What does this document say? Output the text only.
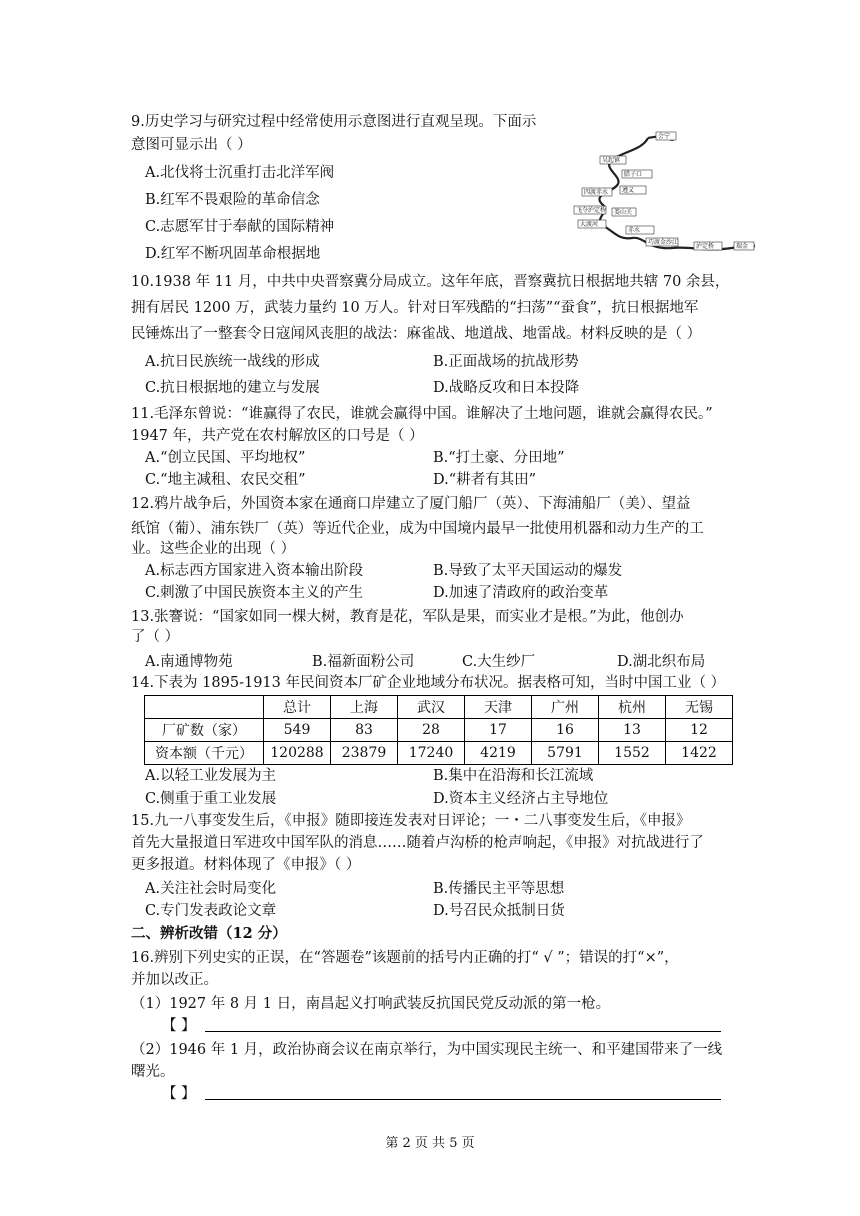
9.历史学习与研究过程中经常使用示意图进行直观呈现。下面示
意图可显示出（ ）
A.北伐将士沉重打击北洋军阀
B.红军不畏艰险的革命信念
C.志愿军甘于奉献的国际精神
D.红军不断巩固革命根据地
会宁
吴起镇
腊子口
四渡赤水 遵义
飞夺泸定桥 娄山关
大渡河
赤水
巧渡金沙江
泸定桥	瑞金
10.1938 年 11 月，中共中央晋察冀分局成立。这年年底，晋察冀抗日根据地共辖 70 余县，
拥有居民 1200 万，武装力量约 10 万人。针对日军残酷的“扫荡”“蚕食”，抗日根据地军
民锤炼出了一整套令日寇闻风丧胆的战法：麻雀战、地道战、地雷战。材料反映的是（ ）
A.抗日民族统一战线的形成	B.正面战场的抗战形势
C.抗日根据地的建立与发展	D.战略反攻和日本投降
11.毛泽东曾说：“谁赢得了农民，谁就会赢得中国。谁解决了土地问题，谁就会赢得农民。”
1947 年，共产党在农村解放区的口号是（ ）
A.“创立民国、平均地权”	B.“打土豪、分田地”
C.“地主减租、农民交租”	D.“耕者有其田”
12.鸦片战争后，外国资本家在通商口岸建立了厦门船厂（英）、下海浦船厂（美）、望益
纸馆（葡）、浦东铁厂（英）等近代企业，成为中国境内最早一批使用机器和动力生产的工
业。这些企业的出现（ ）
A.标志西方国家进入资本输出阶段	B.导致了太平天国运动的爆发
C.刺激了中国民族资本主义的产生	D.加速了清政府的政治变革
13.张謇说：“国家如同一棵大树，教育是花，军队是果，而实业才是根。”为此，他创办
了（ ）
A.南通博物苑	B.福新面粉公司	C.大生纱厂	D.湖北织布局
14.下表为 1895-1913 年民间资本厂矿企业地域分布状况。据表格可知，当时中国工业（ ）
	总计	上海	武汉	天津	广州	杭州	无锡
厂矿数（家）	549	83	28	17	16	13	12
资本额（千元）	120288	23879	17240	4219	5791	1552	1422
A.以轻工业发展为主	B.集中在沿海和长江流域
C.侧重于重工业发展	D.资本主义经济占主导地位
15.九一八事变发生后，《申报》随即接连发表对日评论；一・二八事变发生后，《申报》
首先大量报道日军进攻中国军队的消息……随着卢沟桥的枪声响起，《申报》对抗战进行了
更多报道。材料体现了《申报》（ ）
A.关注社会时局变化	B.传播民主平等思想
C.专门发表政论文章	D.号召民众抵制日货
二、辨析改错（12 分）
16.辨别下列史实的正误，在“答题卷”该题前的括号内正确的打“ √ ”；错误的打“×”，
并加以改正。
（1）1927 年 8 月 1 日，南昌起义打响武装反抗国民党反动派的第一枪。
【 】
（2）1946 年 1 月，政治协商会议在南京举行，为中国实现民主统一、和平建国带来了一线
曙光。
【 】
第 2 页 共 5 页
